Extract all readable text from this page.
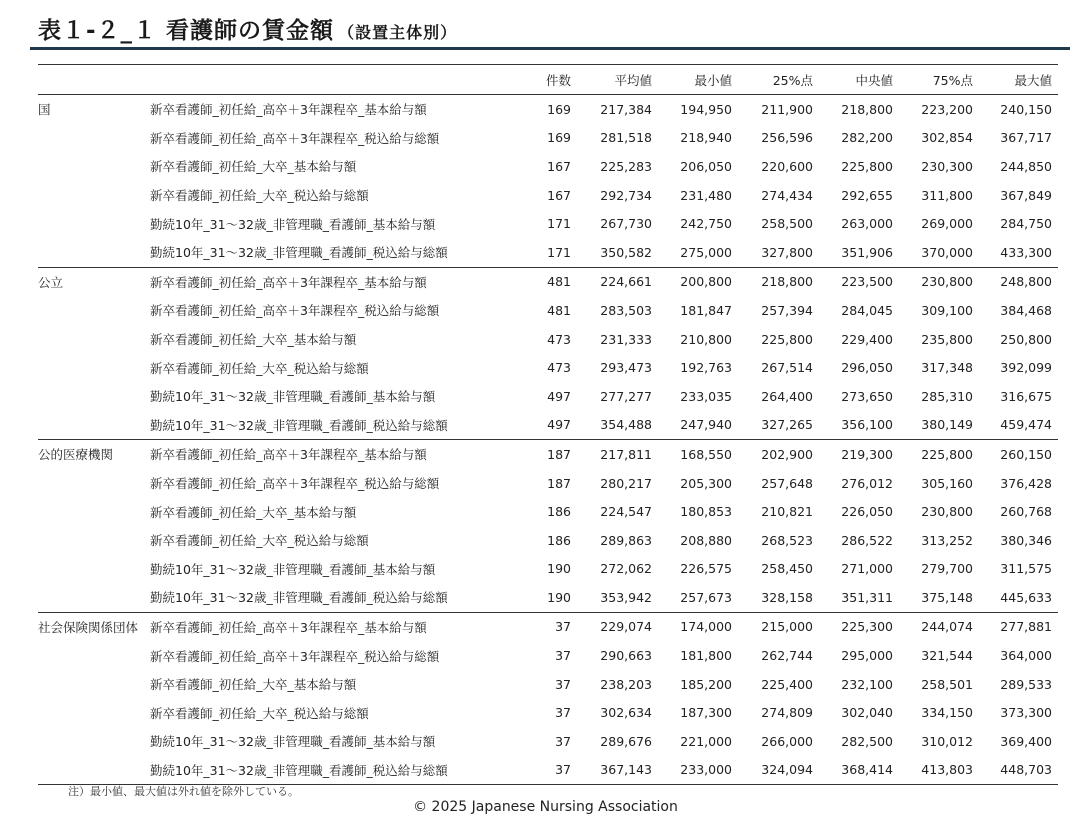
表１-２_１ 看護師の賃金額 （設置主体別）
		件数	平均値	最小値	25%点	中央値	75%点	最大値
国	新卒看護師_初任給_高卒＋3年課程卒_基本給与額	169	217,384	194,950	211,900	218,800	223,200	240,150
	新卒看護師_初任給_高卒＋3年課程卒_税込給与総額	169	281,518	218,940	256,596	282,200	302,854	367,717
	新卒看護師_初任給_大卒_基本給与額	167	225,283	206,050	220,600	225,800	230,300	244,850
	新卒看護師_初任給_大卒_税込給与総額	167	292,734	231,480	274,434	292,655	311,800	367,849
	勤続10年_31～32歳_非管理職_看護師_基本給与額	171	267,730	242,750	258,500	263,000	269,000	284,750
	勤続10年_31～32歳_非管理職_看護師_税込給与総額	171	350,582	275,000	327,800	351,906	370,000	433,300
公立	新卒看護師_初任給_高卒＋3年課程卒_基本給与額	481	224,661	200,800	218,800	223,500	230,800	248,800
	新卒看護師_初任給_高卒＋3年課程卒_税込給与総額	481	283,503	181,847	257,394	284,045	309,100	384,468
	新卒看護師_初任給_大卒_基本給与額	473	231,333	210,800	225,800	229,400	235,800	250,800
	新卒看護師_初任給_大卒_税込給与総額	473	293,473	192,763	267,514	296,050	317,348	392,099
	勤続10年_31～32歳_非管理職_看護師_基本給与額	497	277,277	233,035	264,400	273,650	285,310	316,675
	勤続10年_31～32歳_非管理職_看護師_税込給与総額	497	354,488	247,940	327,265	356,100	380,149	459,474
公的医療機関	新卒看護師_初任給_高卒＋3年課程卒_基本給与額	187	217,811	168,550	202,900	219,300	225,800	260,150
	新卒看護師_初任給_高卒＋3年課程卒_税込給与総額	187	280,217	205,300	257,648	276,012	305,160	376,428
	新卒看護師_初任給_大卒_基本給与額	186	224,547	180,853	210,821	226,050	230,800	260,768
	新卒看護師_初任給_大卒_税込給与総額	186	289,863	208,880	268,523	286,522	313,252	380,346
	勤続10年_31～32歳_非管理職_看護師_基本給与額	190	272,062	226,575	258,450	271,000	279,700	311,575
	勤続10年_31～32歳_非管理職_看護師_税込給与総額	190	353,942	257,673	328,158	351,311	375,148	445,633
社会保険関係団体	新卒看護師_初任給_高卒＋3年課程卒_基本給与額	37	229,074	174,000	215,000	225,300	244,074	277,881
	新卒看護師_初任給_高卒＋3年課程卒_税込給与総額	37	290,663	181,800	262,744	295,000	321,544	364,000
	新卒看護師_初任給_大卒_基本給与額	37	238,203	185,200	225,400	232,100	258,501	289,533
	新卒看護師_初任給_大卒_税込給与総額	37	302,634	187,300	274,809	302,040	334,150	373,300
	勤続10年_31～32歳_非管理職_看護師_基本給与額	37	289,676	221,000	266,000	282,500	310,012	369,400
	勤続10年_31～32歳_非管理職_看護師_税込給与総額	37	367,143	233,000	324,094	368,414	413,803	448,703
注）最小値、最大値は外れ値を除外している。
© 2025 Japanese Nursing Association
